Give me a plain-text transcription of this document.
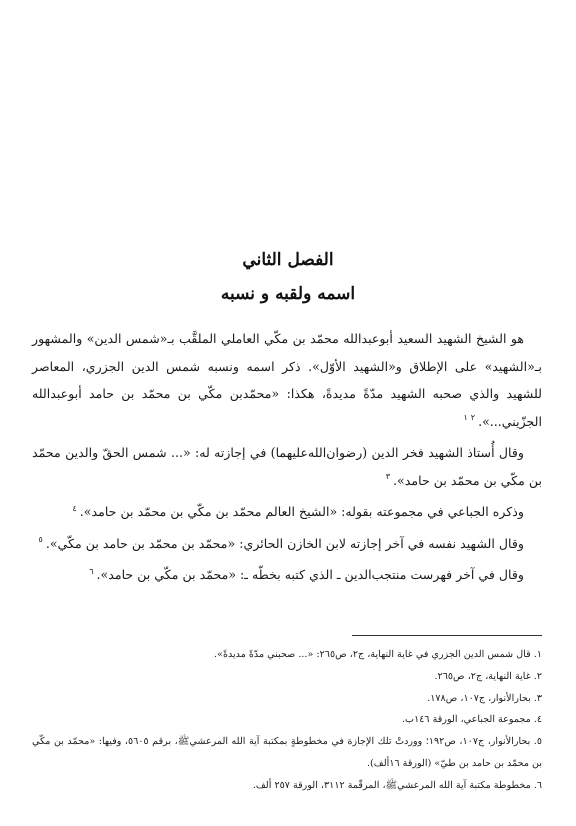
الفصل الثاني
اسمه ولقبه و نسبه

هو الشيخ الشهيد السعيد أبوعبدالله محمّد بن مكّي العاملي الملقَّب بـ«شمس الدين» والمشهور بـ«الشهيد» على الإطلاق و«الشهيد الأوّل». ذكر اسمه ونسبه شمس الدين الجزري، المعاصر للشهيد والذي صحبه الشهيد مدّةً مديدةً، هكذا: «محمّدبن مكّي بن محمّد بن حامد أبوعبدالله الجزّيني...».$^١$ $^٢$

وقال أُستاذ الشهيد فخر الدين (رضوان‌الله‌عليهما) في إجازته له: «... شمس الحقّ والدين محمّد بن مكّي بن محمّد بن حامد».$^٣$

وذكره الجباعي في مجموعته بقوله: «الشيخ العالم محمّد بن مكّي بن محمّد بن حامد».$^٤$

وقال الشهيد نفسه في آخر إجازته لابن الخازن الحائري: «محمّد بن محمّد بن حامد بن مكّي».$^٥$

وقال في آخر فهرست منتجب‌الدين ـ الذي كتبه بخطّه ـ: «محمّد بن مكّي بن حامد».$^٦$

١. قال شمس الدين الجزري في غاية النهاية، ج٢، ص٢٦٥: «... صحبني مدّةً مديدةً».

٢. غاية النهاية، ج٢، ص٢٦٥.

٣. بحارالأنوار، ج١٠٧، ص١٧٨.

٤. مجموعة الجباعي، الورقة ١٤٦ب.

٥. بحارالأنوار، ج١٠٧، ص١٩٢؛ ووردتْ تلك الإجازة في مخطوطةٍ بمكتبة آية الله المرعشي‌ﷺ، برقم ٥٦٠٥، وفيها: «محمّد بن مكّي بن محمّد بن حامد بن طيّ» (الورقة ١٦ألف).

٦. مخطوطة مكتبة آية الله المرعشي‌ﷺ، المرقّمة ٣١١٢، الورقة ٢٥٧ ألف.
